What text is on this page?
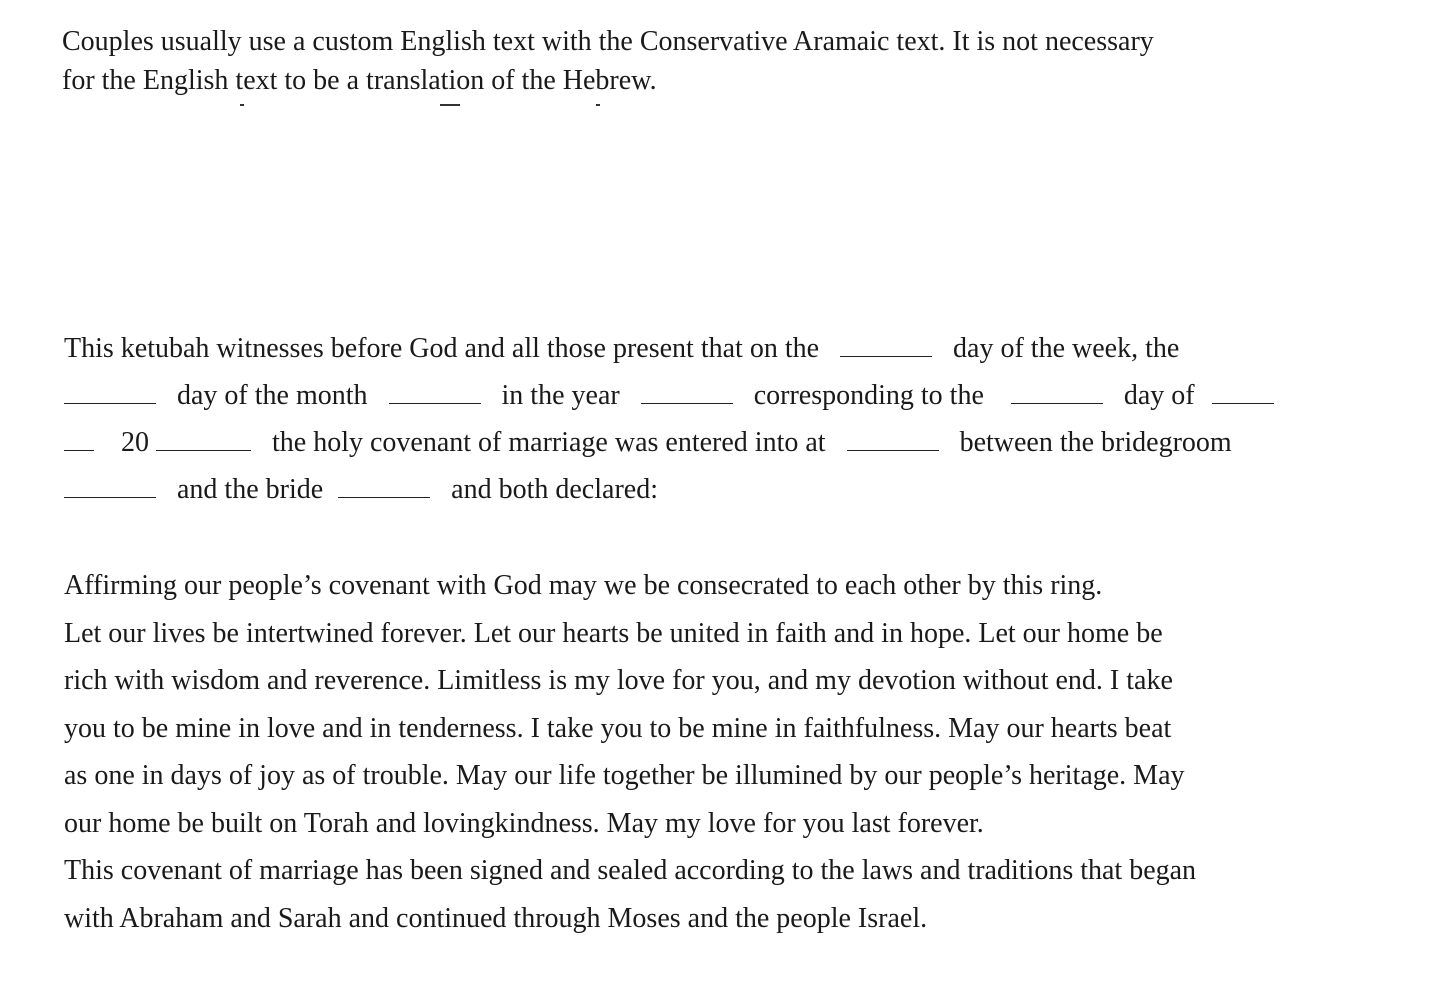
Couples usually use a custom English text with the Conservative Aramaic text. It is not necessary

for the English text to be a translation of the Hebrew.

This ketubah witnesses before God and all those present that on the	day of the week, the
day of the month	in the year	corresponding to the	day of
20	the holy covenant of marriage was entered into at	between the bridegroom
and the bride	and both declared:
Affirming our people’s covenant with God may we be consecrated to each other by this ring.
Let our lives be intertwined forever. Let our hearts be united in faith and in hope. Let our home be
rich with wisdom and reverence. Limitless is my love for you, and my devotion without end. I take
you to be mine in love and in tenderness. I take you to be mine in faithfulness. May our hearts beat
as one in days of joy as of trouble. May our life together be illumined by our people’s heritage. May
our home be built on Torah and lovingkindness. May my love for you last forever.
This covenant of marriage has been signed and sealed according to the laws and traditions that began
with Abraham and Sarah and continued through Moses and the people Israel.
